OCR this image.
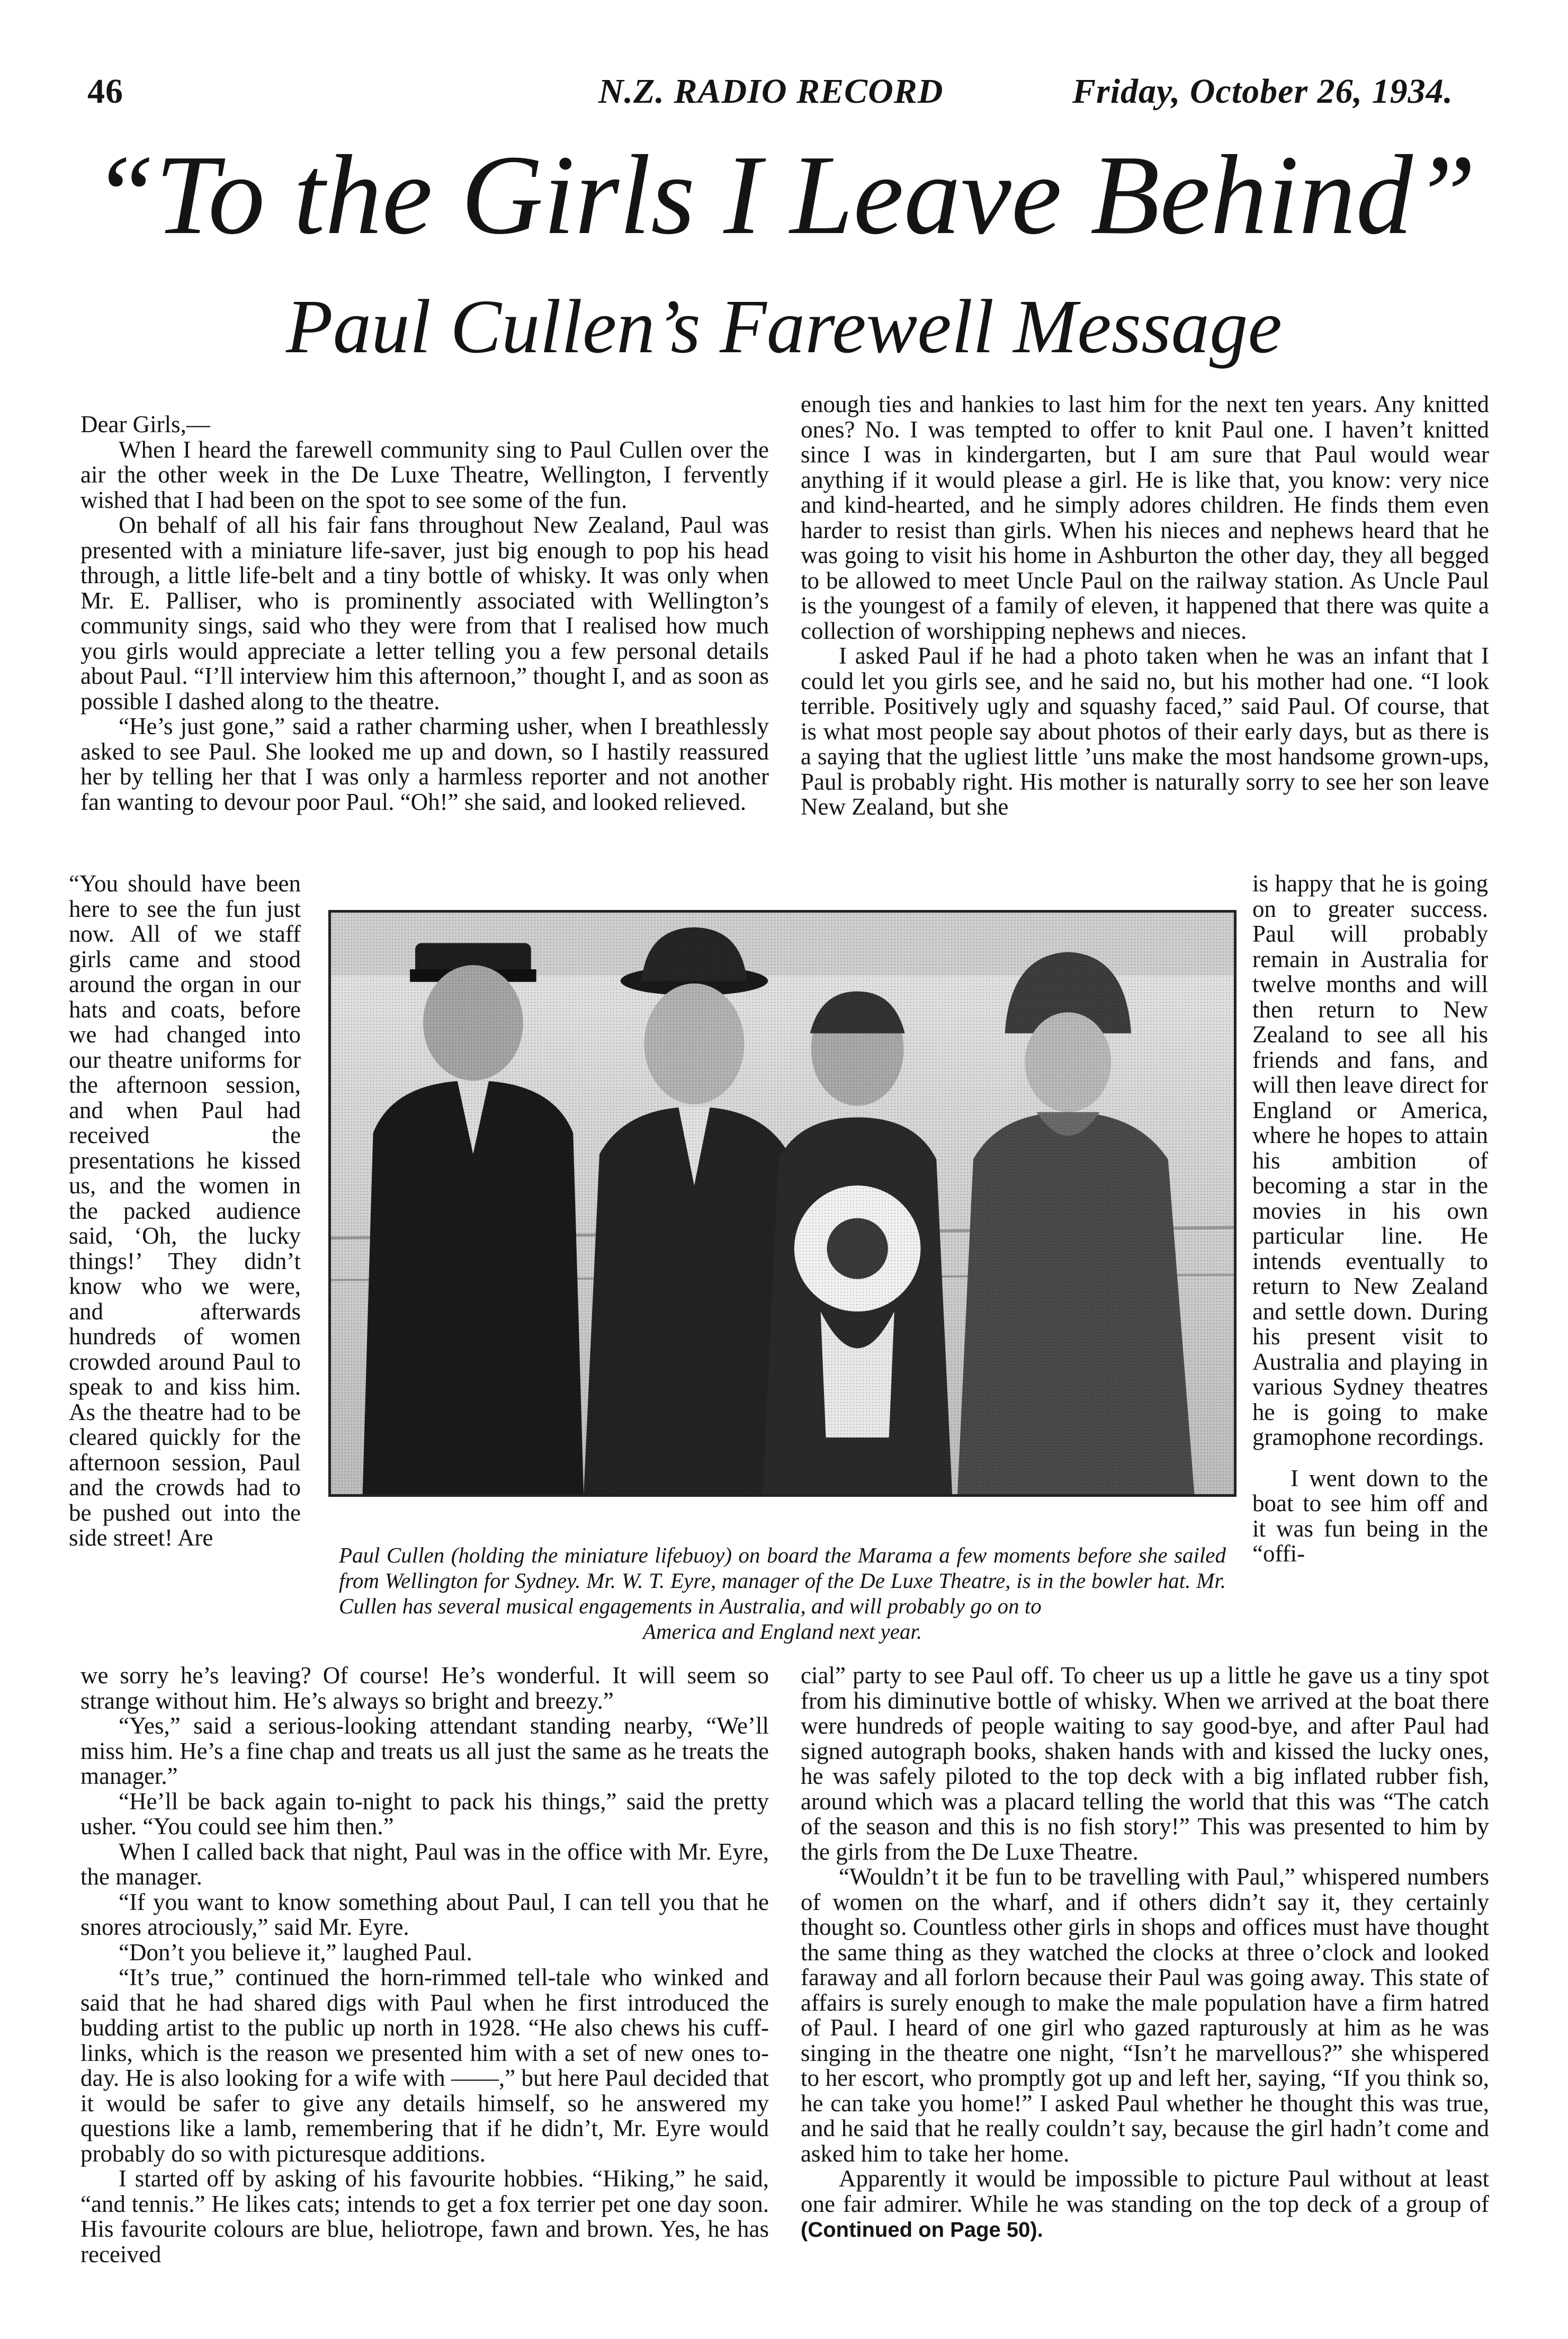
46	N.Z. RADIO RECORD	Friday, October 26, 1934.
“To the Girls I Leave Behind”
Paul Cullen’s Farewell Message

Dear Girls,—

When I heard the farewell community sing to Paul Cullen over the air the other week in the De Luxe Theatre, Wellington, I fervently wished that I had been on the spot to see some of the fun.

On behalf of all his fair fans throughout New Zealand, Paul was presented with a miniature life-saver, just big enough to pop his head through, a little life-belt and a tiny bottle of whisky. It was only when Mr. E. Palliser, who is prominently associated with Wellington’s community sings, said who they were from that I realised how much you girls would appreciate a letter telling you a few personal details about Paul. “I’ll interview him this afternoon,” thought I, and as soon as possible I dashed along to the theatre.

“He’s just gone,” said a rather charming usher, when I breathlessly asked to see Paul. She looked me up and down, so I hastily reassured her by telling her that I was only a harmless reporter and not another fan wanting to devour poor Paul. “Oh!” she said, and looked relieved.

enough ties and hankies to last him for the next ten years. Any knitted ones? No. I was tempted to offer to knit Paul one. I haven’t knitted since I was in kindergarten, but I am sure that Paul would wear anything if it would please a girl. He is like that, you know: very nice and kind-hearted, and he simply adores children. He finds them even harder to resist than girls. When his nieces and nephews heard that he was going to visit his home in Ashburton the other day, they all begged to be allowed to meet Uncle Paul on the railway station. As Uncle Paul is the youngest of a family of eleven, it happened that there was quite a collection of worshipping nephews and nieces.

I asked Paul if he had a photo taken when he was an infant that I could let you girls see, and he said no, but his mother had one. “I look terrible. Positively ugly and squashy faced,” said Paul. Of course, that is what most people say about photos of their early days, but as there is a saying that the ugliest little ’uns make the most handsome grown-ups, Paul is probably right. His mother is naturally sorry to see her son leave New Zealand, but she

“You should have been here to see the fun just now. All of we staff girls came and stood around the organ in our hats and coats, before we had changed into our theatre uniforms for the afternoon session, and when Paul had received the presentations he kissed us, and the women in the packed audience said, ‘Oh, the lucky things!’ They didn’t know who we were, and afterwards hundreds of women crowded around Paul to speak to and kiss him. As the theatre had to be cleared quickly for the afternoon session, Paul and the crowds had to be pushed out into the side street! Are

is happy that he is going on to greater success. Paul will probably remain in Australia for twelve months and will then return to New Zealand to see all his friends and fans, and will then leave direct for England or America, where he hopes to attain his ambition of becoming a star in the movies in his own particular line. He intends eventually to return to New Zealand and settle down. During his present visit to Australia and playing in various Sydney theatres he is going to make gramophone recordings.

I went down to the boat to see him off and it was fun being in the “offi-

Paul Cullen (holding the miniature lifebuoy) on board the Marama a few moments before she sailed from Wellington for Sydney. Mr. W. T. Eyre, manager of the De Luxe Theatre, is in the bowler hat. Mr. Cullen has several musical engagements in Australia, and will probably go on to
America and England next year.

we sorry he’s leaving? Of course! He’s wonderful. It will seem so strange without him. He’s always so bright and breezy.”

“Yes,” said a serious-looking attendant standing nearby, “We’ll miss him. He’s a fine chap and treats us all just the same as he treats the manager.”

“He’ll be back again to-night to pack his things,” said the pretty usher. “You could see him then.”

When I called back that night, Paul was in the office with Mr. Eyre, the manager.

“If you want to know something about Paul, I can tell you that he snores atrociously,” said Mr. Eyre.

“Don’t you believe it,” laughed Paul.

“It’s true,” continued the horn-rimmed tell-tale who winked and said that he had shared digs with Paul when he first introduced the budding artist to the public up north in 1928. “He also chews his cuff-links, which is the reason we presented him with a set of new ones to-day. He is also looking for a wife with ——,” but here Paul decided that it would be safer to give any details himself, so he answered my questions like a lamb, remembering that if he didn’t, Mr. Eyre would probably do so with picturesque additions.

I started off by asking of his favourite hobbies. “Hiking,” he said, “and tennis.” He likes cats; intends to get a fox terrier pet one day soon. His favourite colours are blue, heliotrope, fawn and brown. Yes, he has received

cial” party to see Paul off. To cheer us up a little he gave us a tiny spot from his diminutive bottle of whisky. When we arrived at the boat there were hundreds of people waiting to say good-bye, and after Paul had signed autograph books, shaken hands with and kissed the lucky ones, he was safely piloted to the top deck with a big inflated rubber fish, around which was a placard telling the world that this was “The catch of the season and this is no fish story!” This was presented to him by the girls from the De Luxe Theatre.

“Wouldn’t it be fun to be travelling with Paul,” whispered numbers of women on the wharf, and if others didn’t say it, they certainly thought so. Countless other girls in shops and offices must have thought the same thing as they watched the clocks at three o’clock and looked faraway and all forlorn because their Paul was going away. This state of affairs is surely enough to make the male population have a firm hatred of Paul. I heard of one girl who gazed rapturously at him as he was singing in the theatre one night, “Isn’t he marvellous?” she whispered to her escort, who promptly got up and left her, saying, “If you think so, he can take you home!” I asked Paul whether he thought this was true, and he said that he really couldn’t say, because the girl hadn’t come and asked him to take her home.

Apparently it would be impossible to picture Paul without at least one fair admirer. While he was standing on the top deck of a group of (Continued on Page 50).
